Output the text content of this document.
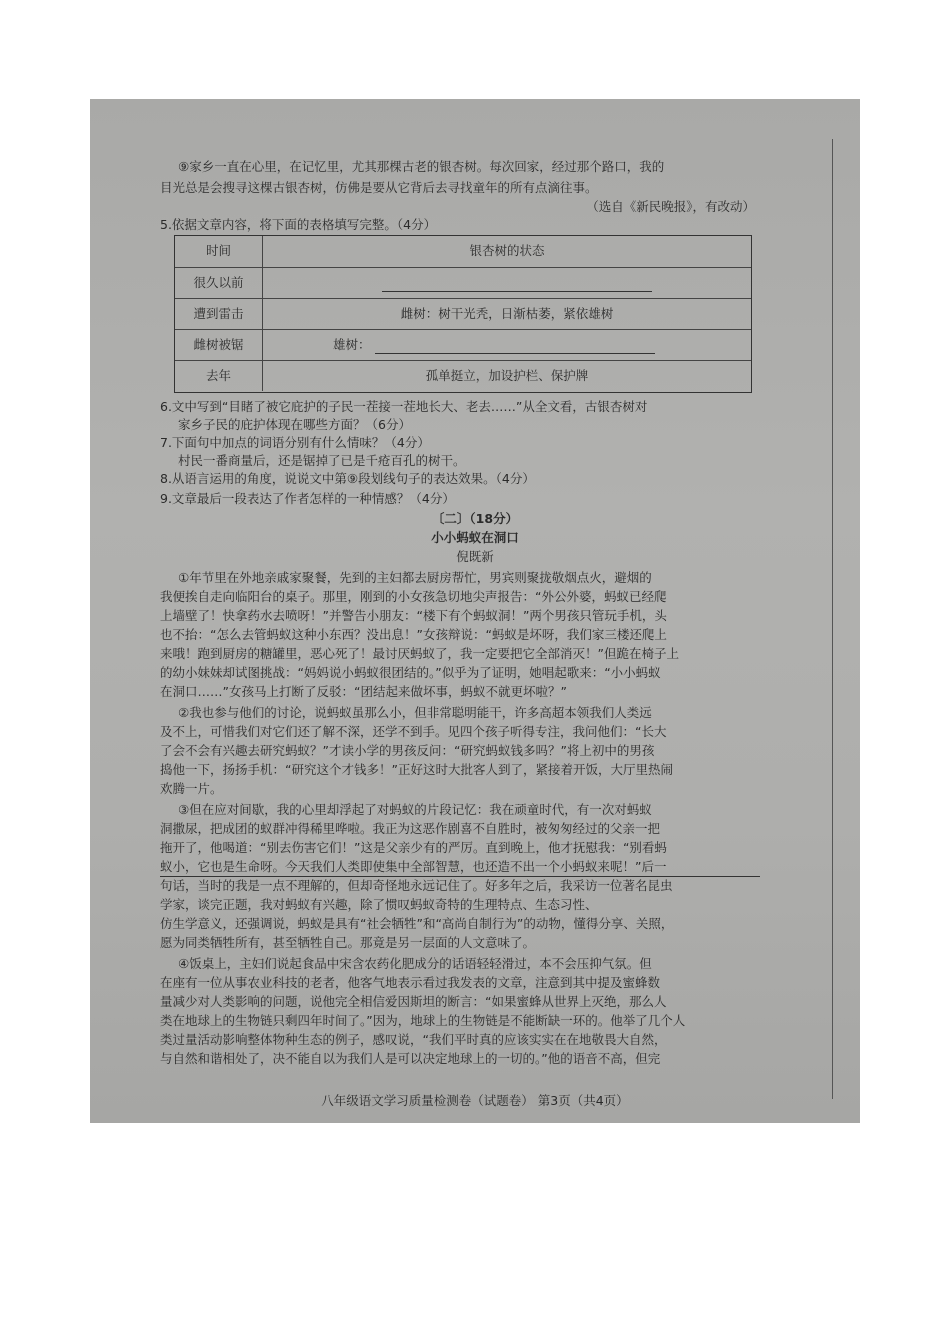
⑨家乡一直在心里，在记忆里，尤其那棵古老的银杏树。每次回家，经过那个路口，我的
目光总是会搜寻这棵古银杏树，仿佛是要从它背后去寻找童年的所有点滴往事。
（选自《新民晚报》，有改动）
5.依据文章内容，将下面的表格填写完整。（4分）
时间	银杏树的状态
很久以前
遭到雷击	雌树：树干光秃，日渐枯萎，紧依雄树
雌树被锯	雄树：
去年	孤单挺立，加设护栏、保护牌
6.文中写到“目睹了被它庇护的子民一茬接一茬地长大、老去……”从全文看，古银杏树对
家乡子民的庇护体现在哪些方面？（6分）
7.下面句中加点的词语分别有什么情味？（4分）
村民一番商量后，还是锯掉了已是千疮百孔的树干。
8.从语言运用的角度，说说文中第⑨段划线句子的表达效果。（4分）
9.文章最后一段表达了作者怎样的一种情感？（4分）
〔二〕（18分）
小小蚂蚁在洞口
倪既新
①年节里在外地亲戚家聚餐，先到的主妇都去厨房帮忙，男宾则聚拢敬烟点火，避烟的
我便挨自走向临阳台的桌子。那里，刚到的小女孩急切地尖声报告：“外公外婆，蚂蚁已经爬
上墙壁了！快拿药水去喷呀！”并警告小朋友：“楼下有个蚂蚁洞！”两个男孩只管玩手机，头
也不抬：“怎么去管蚂蚁这种小东西？没出息！”女孩辩说：“蚂蚁是坏呀，我们家三楼还爬上
来哦！跑到厨房的糖罐里，恶心死了！最讨厌蚂蚁了，我一定要把它全部消灭！”但跪在椅子上
的幼小妹妹却试图挑战：“妈妈说小蚂蚁很团结的。”似乎为了证明，她唱起歌来：“小小蚂蚁
在洞口……”女孩马上打断了反驳：“团结起来做坏事，蚂蚁不就更坏啦？”
②我也参与他们的讨论，说蚂蚁虽那么小，但非常聪明能干，许多高超本领我们人类远
及不上，可惜我们对它们还了解不深，还学不到手。见四个孩子听得专注，我问他们：“长大
了会不会有兴趣去研究蚂蚁？”才读小学的男孩反问：“研究蚂蚁钱多吗？”将上初中的男孩
捣他一下，扬扬手机：“研究这个才钱多！”正好这时大批客人到了，紧接着开饭，大厅里热闹
欢腾一片。
③但在应对间歇，我的心里却浮起了对蚂蚁的片段记忆：我在顽童时代，有一次对蚂蚁
洞撒尿，把成团的蚁群冲得稀里哗啦。我正为这恶作剧喜不自胜时，被匆匆经过的父亲一把
拖开了，他喝道：“别去伤害它们！”这是父亲少有的严厉。直到晚上，他才抚慰我：“别看蚂
蚁小，它也是生命呀。今天我们人类即使集中全部智慧，也还造不出一个小蚂蚁来呢！”后一
句话，当时的我是一点不理解的，但却奇怪地永远记住了。好多年之后，我采访一位著名昆虫
学家，谈完正题，我对蚂蚁有兴趣，除了惯叹蚂蚁奇特的生理特点、生态习性、
仿生学意义，还强调说，蚂蚁是具有“社会牺牲”和“高尚自制行为”的动物，懂得分享、关照，
愿为同类牺牲所有，甚至牺牲自己。那竟是另一层面的人文意味了。
④饭桌上，主妇们说起食品中宋含农药化肥成分的话语轻轻滑过，本不会压抑气氛。但
在座有一位从事农业科技的老者，他客气地表示看过我发表的文章，注意到其中提及蜜蜂数
量减少对人类影响的问题，说他完全相信爱因斯坦的断言：“如果蜜蜂从世界上灭绝，那么人
类在地球上的生物链只剩四年时间了。”因为，地球上的生物链是不能断缺一环的。他举了几个人
类过量活动影响整体物种生态的例子，感叹说，“我们平时真的应该实实在在地敬畏大自然，
与自然和谐相处了，决不能自以为我们人是可以决定地球上的一切的。”他的语音不高，但完
八年级语文学习质量检测卷（试题卷） 第3页（共4页）
